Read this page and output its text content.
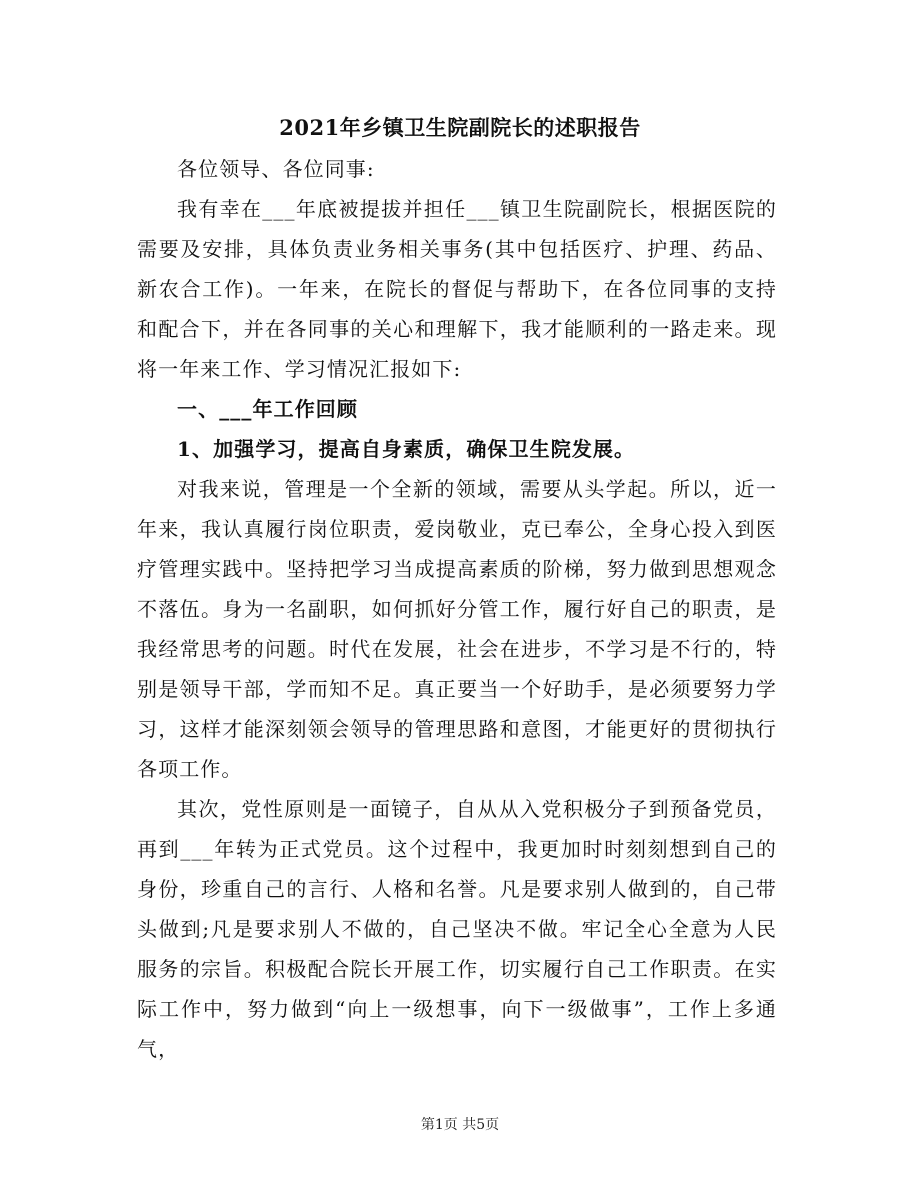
2021年乡镇卫生院副院长的述职报告

各位领导、各位同事:

我有幸在___年底被提拔并担任___镇卫生院副院长，根据医院的需要及安排，具体负责业务相关事务(其中包括医疗、护理、药品、新农合工作)。一年来，在院长的督促与帮助下，在各位同事的支持和配合下，并在各同事的关心和理解下，我才能顺利的一路走来。现将一年来工作、学习情况汇报如下:

一、___年工作回顾

1、加强学习，提高自身素质，确保卫生院发展。

对我来说，管理是一个全新的领域，需要从头学起。所以，近一年来，我认真履行岗位职责，爱岗敬业，克已奉公，全身心投入到医疗管理实践中。坚持把学习当成提高素质的阶梯，努力做到思想观念不落伍。身为一名副职，如何抓好分管工作，履行好自己的职责，是我经常思考的问题。时代在发展，社会在进步，不学习是不行的，特别是领导干部，学而知不足。真正要当一个好助手，是必须要努力学习，这样才能深刻领会领导的管理思路和意图，才能更好的贯彻执行各项工作。

其次，党性原则是一面镜子，自从从入党积极分子到预备党员，再到___年转为正式党员。这个过程中，我更加时时刻刻想到自己的身份，珍重自己的言行、人格和名誉。凡是要求别人做到的，自己带头做到;凡是要求别人不做的，自己坚决不做。牢记全心全意为人民服务的宗旨。积极配合院长开展工作，切实履行自己工作职责。在实际工作中，努力做到“向上一级想事，向下一级做事”，工作上多通气，

第1页 共5页
